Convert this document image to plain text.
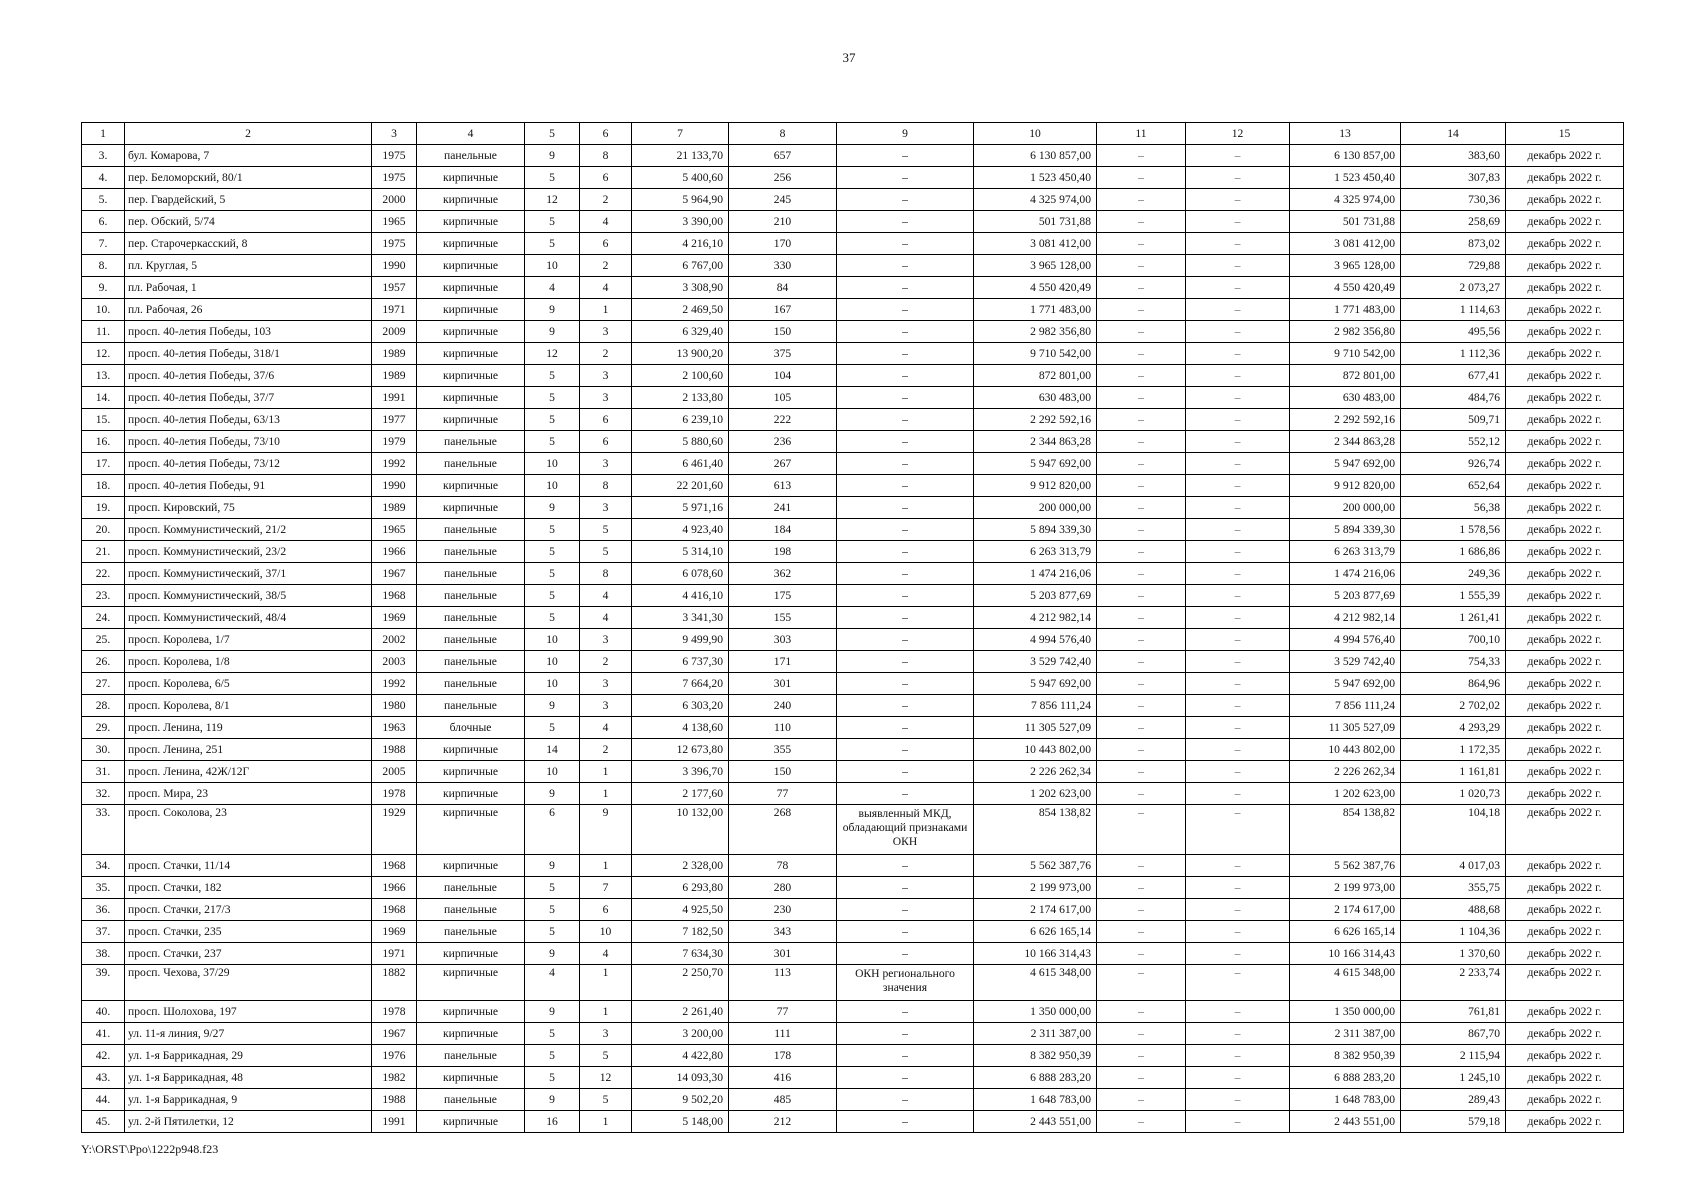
37
1	2	3	4	5	6	7	8	9	10	11	12	13	14	15
3.	бул. Комарова, 7	1975	панельные	9	8	21 133,70	657	–	6 130 857,00	–	–	6 130 857,00	383,60	декабрь 2022 г.
4.	пер. Беломорский, 80/1	1975	кирпичные	5	6	5 400,60	256	–	1 523 450,40	–	–	1 523 450,40	307,83	декабрь 2022 г.
5.	пер. Гвардейский, 5	2000	кирпичные	12	2	5 964,90	245	–	4 325 974,00	–	–	4 325 974,00	730,36	декабрь 2022 г.
6.	пер. Обский, 5/74	1965	кирпичные	5	4	3 390,00	210	–	501 731,88	–	–	501 731,88	258,69	декабрь 2022 г.
7.	пер. Старочеркасский, 8	1975	кирпичные	5	6	4 216,10	170	–	3 081 412,00	–	–	3 081 412,00	873,02	декабрь 2022 г.
8.	пл. Круглая, 5	1990	кирпичные	10	2	6 767,00	330	–	3 965 128,00	–	–	3 965 128,00	729,88	декабрь 2022 г.
9.	пл. Рабочая, 1	1957	кирпичные	4	4	3 308,90	84	–	4 550 420,49	–	–	4 550 420,49	2 073,27	декабрь 2022 г.
10.	пл. Рабочая, 26	1971	кирпичные	9	1	2 469,50	167	–	1 771 483,00	–	–	1 771 483,00	1 114,63	декабрь 2022 г.
11.	просп. 40-летия Победы, 103	2009	кирпичные	9	3	6 329,40	150	–	2 982 356,80	–	–	2 982 356,80	495,56	декабрь 2022 г.
12.	просп. 40-летия Победы, 318/1	1989	кирпичные	12	2	13 900,20	375	–	9 710 542,00	–	–	9 710 542,00	1 112,36	декабрь 2022 г.
13.	просп. 40-летия Победы, 37/6	1989	кирпичные	5	3	2 100,60	104	–	872 801,00	–	–	872 801,00	677,41	декабрь 2022 г.
14.	просп. 40-летия Победы, 37/7	1991	кирпичные	5	3	2 133,80	105	–	630 483,00	–	–	630 483,00	484,76	декабрь 2022 г.
15.	просп. 40-летия Победы, 63/13	1977	кирпичные	5	6	6 239,10	222	–	2 292 592,16	–	–	2 292 592,16	509,71	декабрь 2022 г.
16.	просп. 40-летия Победы, 73/10	1979	панельные	5	6	5 880,60	236	–	2 344 863,28	–	–	2 344 863,28	552,12	декабрь 2022 г.
17.	просп. 40-летия Победы, 73/12	1992	панельные	10	3	6 461,40	267	–	5 947 692,00	–	–	5 947 692,00	926,74	декабрь 2022 г.
18.	просп. 40-летия Победы, 91	1990	кирпичные	10	8	22 201,60	613	–	9 912 820,00	–	–	9 912 820,00	652,64	декабрь 2022 г.
19.	просп. Кировский, 75	1989	кирпичные	9	3	5 971,16	241	–	200 000,00	–	–	200 000,00	56,38	декабрь 2022 г.
20.	просп. Коммунистический, 21/2	1965	панельные	5	5	4 923,40	184	–	5 894 339,30	–	–	5 894 339,30	1 578,56	декабрь 2022 г.
21.	просп. Коммунистический, 23/2	1966	панельные	5	5	5 314,10	198	–	6 263 313,79	–	–	6 263 313,79	1 686,86	декабрь 2022 г.
22.	просп. Коммунистический, 37/1	1967	панельные	5	8	6 078,60	362	–	1 474 216,06	–	–	1 474 216,06	249,36	декабрь 2022 г.
23.	просп. Коммунистический, 38/5	1968	панельные	5	4	4 416,10	175	–	5 203 877,69	–	–	5 203 877,69	1 555,39	декабрь 2022 г.
24.	просп. Коммунистический, 48/4	1969	панельные	5	4	3 341,30	155	–	4 212 982,14	–	–	4 212 982,14	1 261,41	декабрь 2022 г.
25.	просп. Королева, 1/7	2002	панельные	10	3	9 499,90	303	–	4 994 576,40	–	–	4 994 576,40	700,10	декабрь 2022 г.
26.	просп. Королева, 1/8	2003	панельные	10	2	6 737,30	171	–	3 529 742,40	–	–	3 529 742,40	754,33	декабрь 2022 г.
27.	просп. Королева, 6/5	1992	панельные	10	3	7 664,20	301	–	5 947 692,00	–	–	5 947 692,00	864,96	декабрь 2022 г.
28.	просп. Королева, 8/1	1980	панельные	9	3	6 303,20	240	–	7 856 111,24	–	–	7 856 111,24	2 702,02	декабрь 2022 г.
29.	просп. Ленина, 119	1963	блочные	5	4	4 138,60	110	–	11 305 527,09	–	–	11 305 527,09	4 293,29	декабрь 2022 г.
30.	просп. Ленина, 251	1988	кирпичные	14	2	12 673,80	355	–	10 443 802,00	–	–	10 443 802,00	1 172,35	декабрь 2022 г.
31.	просп. Ленина, 42Ж/12Г	2005	кирпичные	10	1	3 396,70	150	–	2 226 262,34	–	–	2 226 262,34	1 161,81	декабрь 2022 г.
32.	просп. Мира, 23	1978	кирпичные	9	1	2 177,60	77	–	1 202 623,00	–	–	1 202 623,00	1 020,73	декабрь 2022 г.
33.	просп. Соколова, 23	1929	кирпичные	6	9	10 132,00	268	выявленный МКД, обладающий признаками ОКН	854 138,82	–	–	854 138,82	104,18	декабрь 2022 г.
34.	просп. Стачки, 11/14	1968	кирпичные	9	1	2 328,00	78	–	5 562 387,76	–	–	5 562 387,76	4 017,03	декабрь 2022 г.
35.	просп. Стачки, 182	1966	панельные	5	7	6 293,80	280	–	2 199 973,00	–	–	2 199 973,00	355,75	декабрь 2022 г.
36.	просп. Стачки, 217/3	1968	панельные	5	6	4 925,50	230	–	2 174 617,00	–	–	2 174 617,00	488,68	декабрь 2022 г.
37.	просп. Стачки, 235	1969	панельные	5	10	7 182,50	343	–	6 626 165,14	–	–	6 626 165,14	1 104,36	декабрь 2022 г.
38.	просп. Стачки, 237	1971	кирпичные	9	4	7 634,30	301	–	10 166 314,43	–	–	10 166 314,43	1 370,60	декабрь 2022 г.
39.	просп. Чехова, 37/29	1882	кирпичные	4	1	2 250,70	113	ОКН регионального значения	4 615 348,00	–	–	4 615 348,00	2 233,74	декабрь 2022 г.
40.	просп. Шолохова, 197	1978	кирпичные	9	1	2 261,40	77	–	1 350 000,00	–	–	1 350 000,00	761,81	декабрь 2022 г.
41.	ул. 11-я линия, 9/27	1967	кирпичные	5	3	3 200,00	111	–	2 311 387,00	–	–	2 311 387,00	867,70	декабрь 2022 г.
42.	ул. 1-я Баррикадная, 29	1976	панельные	5	5	4 422,80	178	–	8 382 950,39	–	–	8 382 950,39	2 115,94	декабрь 2022 г.
43.	ул. 1-я Баррикадная, 48	1982	кирпичные	5	12	14 093,30	416	–	6 888 283,20	–	–	6 888 283,20	1 245,10	декабрь 2022 г.
44.	ул. 1-я Баррикадная, 9	1988	панельные	9	5	9 502,20	485	–	1 648 783,00	–	–	1 648 783,00	289,43	декабрь 2022 г.
45.	ул. 2-й Пятилетки, 12	1991	кирпичные	16	1	5 148,00	212	–	2 443 551,00	–	–	2 443 551,00	579,18	декабрь 2022 г.
Y:\ORST\Ppo\1222p948.f23
